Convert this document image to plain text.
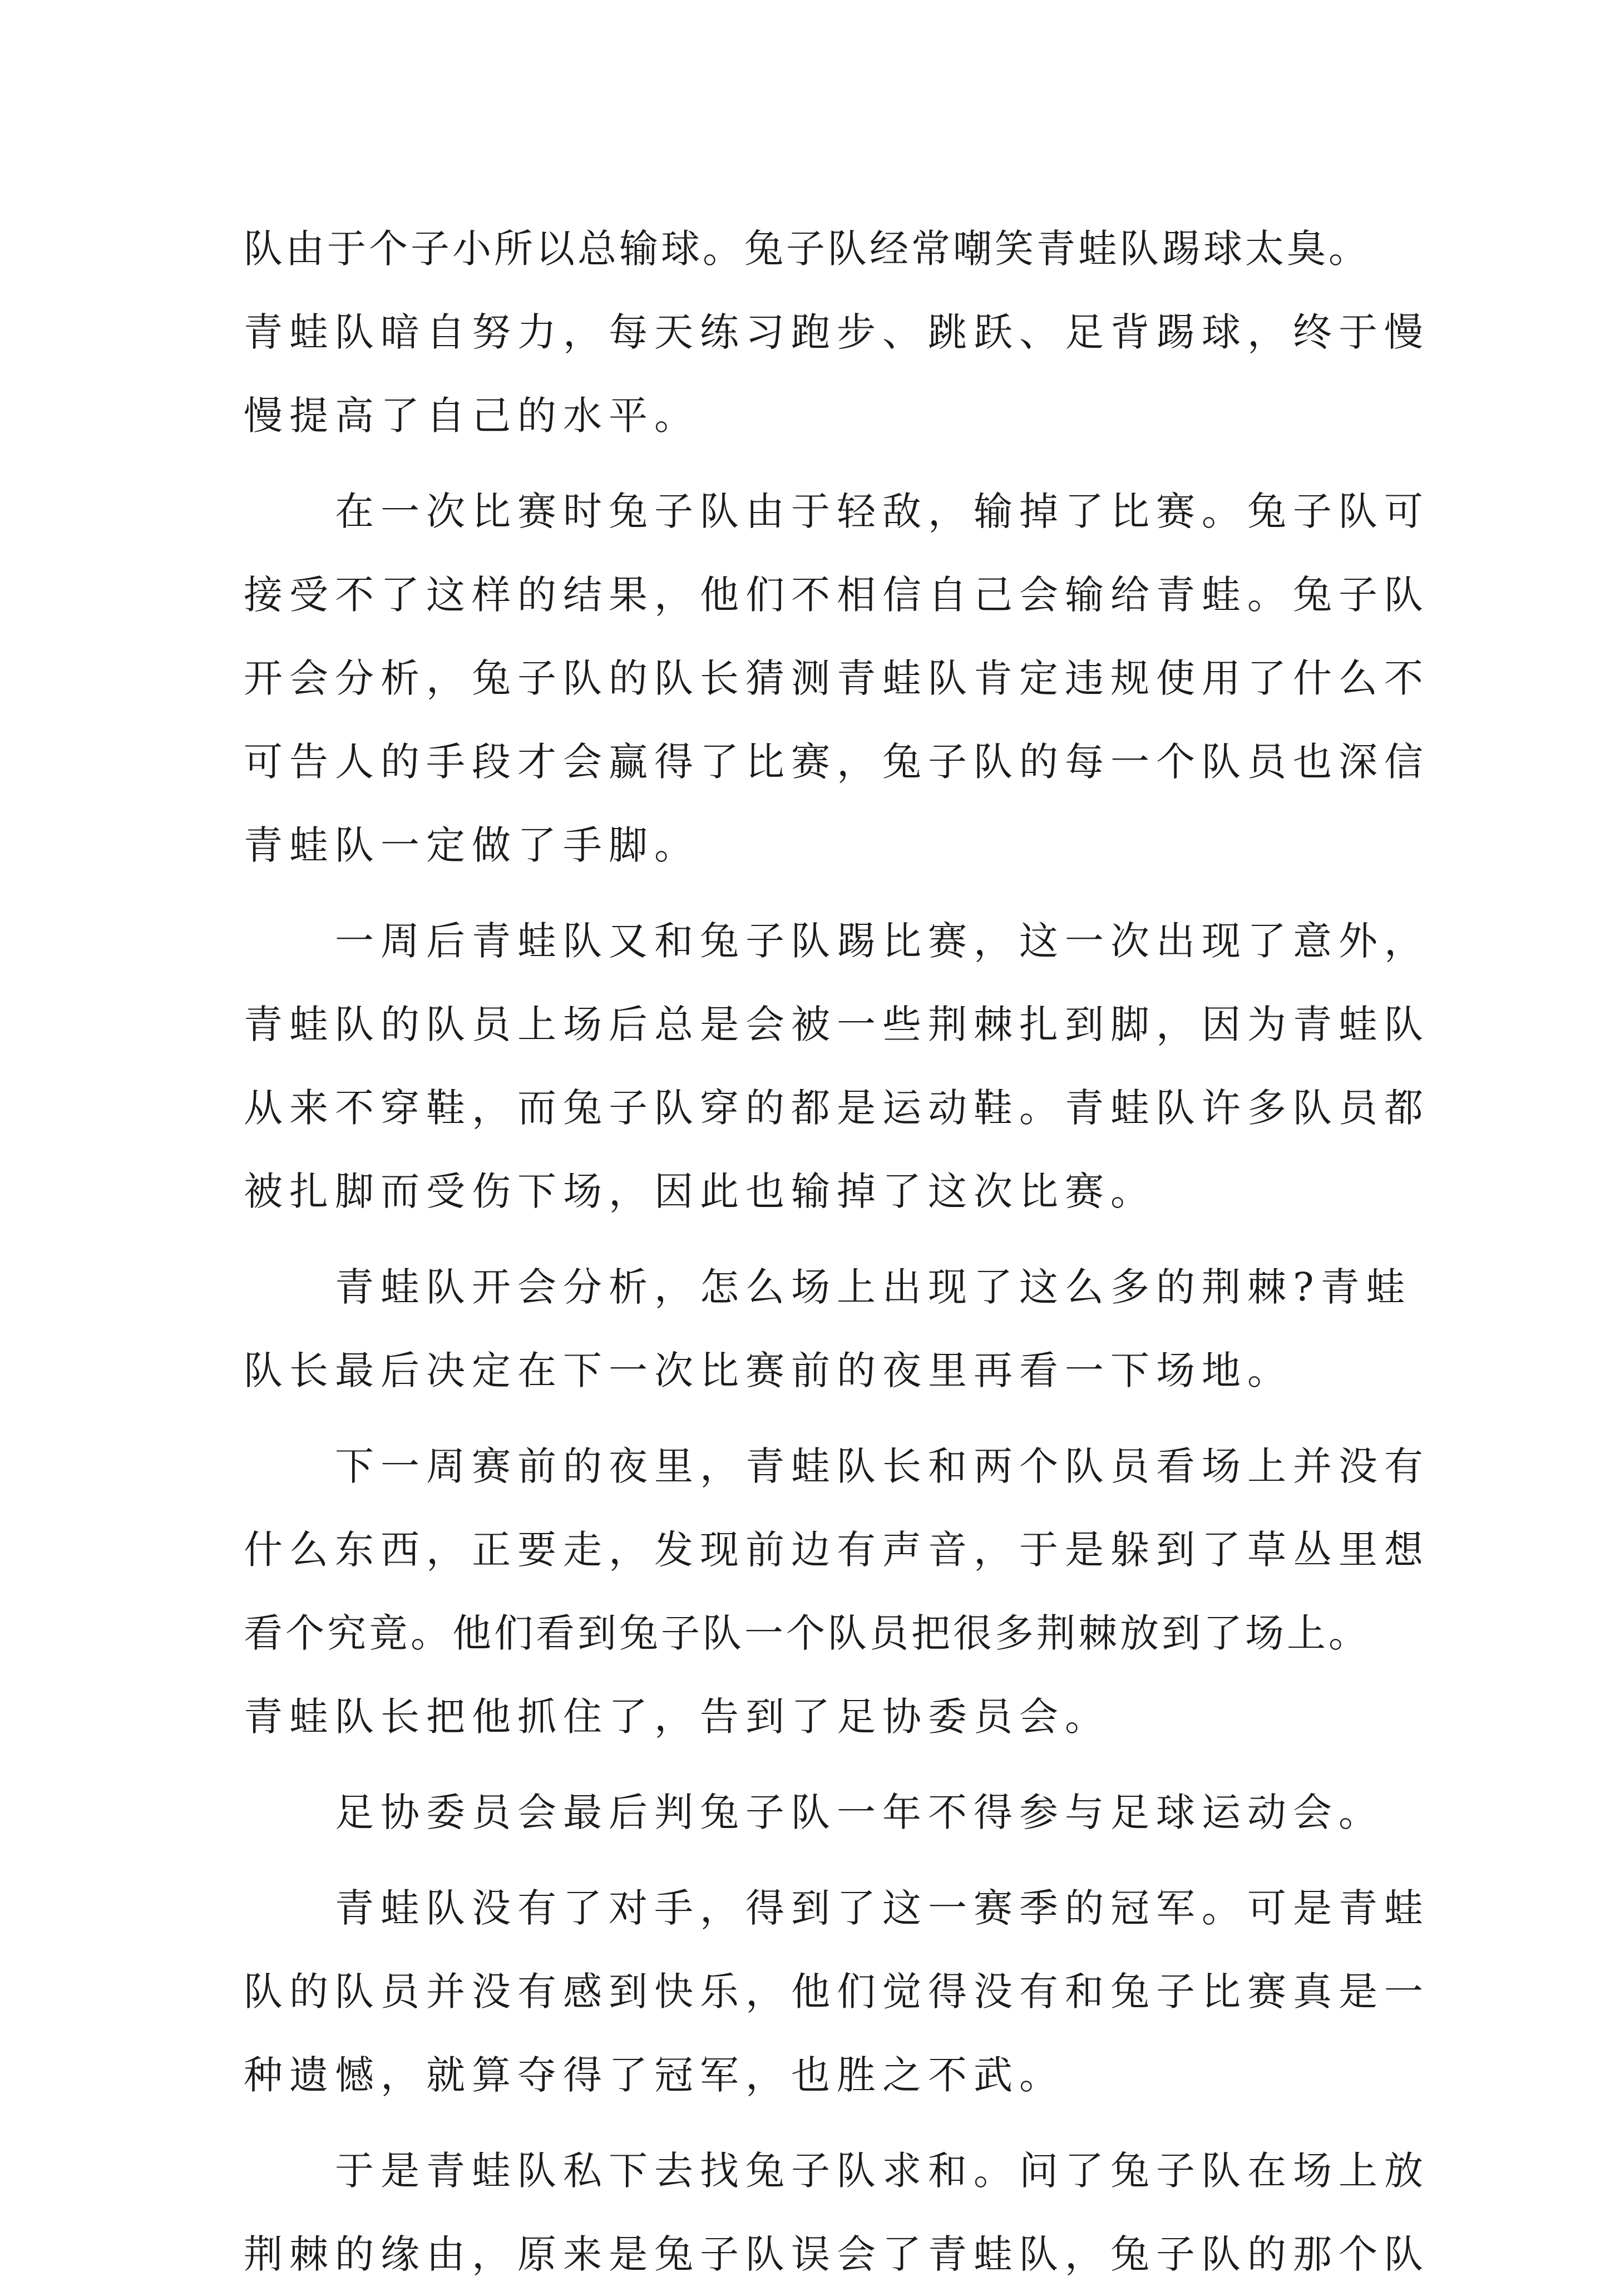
队由于个子小所以总输球。兔子队经常嘲笑青蛙队踢球太臭。
青蛙队暗自努力，每天练习跑步、跳跃、足背踢球，终于慢
慢提高了自己的水平。
在一次比赛时兔子队由于轻敌，输掉了比赛。兔子队可
接受不了这样的结果，他们不相信自己会输给青蛙。兔子队
开会分析，兔子队的队长猜测青蛙队肯定违规使用了什么不
可告人的手段才会赢得了比赛，兔子队的每一个队员也深信
青蛙队一定做了手脚。
一周后青蛙队又和兔子队踢比赛，这一次出现了意外，
青蛙队的队员上场后总是会被一些荆棘扎到脚，因为青蛙队
从来不穿鞋，而兔子队穿的都是运动鞋。青蛙队许多队员都
被扎脚而受伤下场，因此也输掉了这次比赛。
青蛙队开会分析，怎么场上出现了这么多的荆棘?青蛙
队长最后决定在下一次比赛前的夜里再看一下场地。
下一周赛前的夜里，青蛙队长和两个队员看场上并没有
什么东西，正要走，发现前边有声音，于是躲到了草丛里想
看个究竟。他们看到兔子队一个队员把很多荆棘放到了场上。
青蛙队长把他抓住了，告到了足协委员会。
足协委员会最后判兔子队一年不得参与足球运动会。
青蛙队没有了对手，得到了这一赛季的冠军。可是青蛙
队的队员并没有感到快乐，他们觉得没有和兔子比赛真是一
种遗憾，就算夺得了冠军，也胜之不武。
于是青蛙队私下去找兔子队求和。问了兔子队在场上放
荆棘的缘由，原来是兔子队误会了青蛙队，兔子队的那个队
